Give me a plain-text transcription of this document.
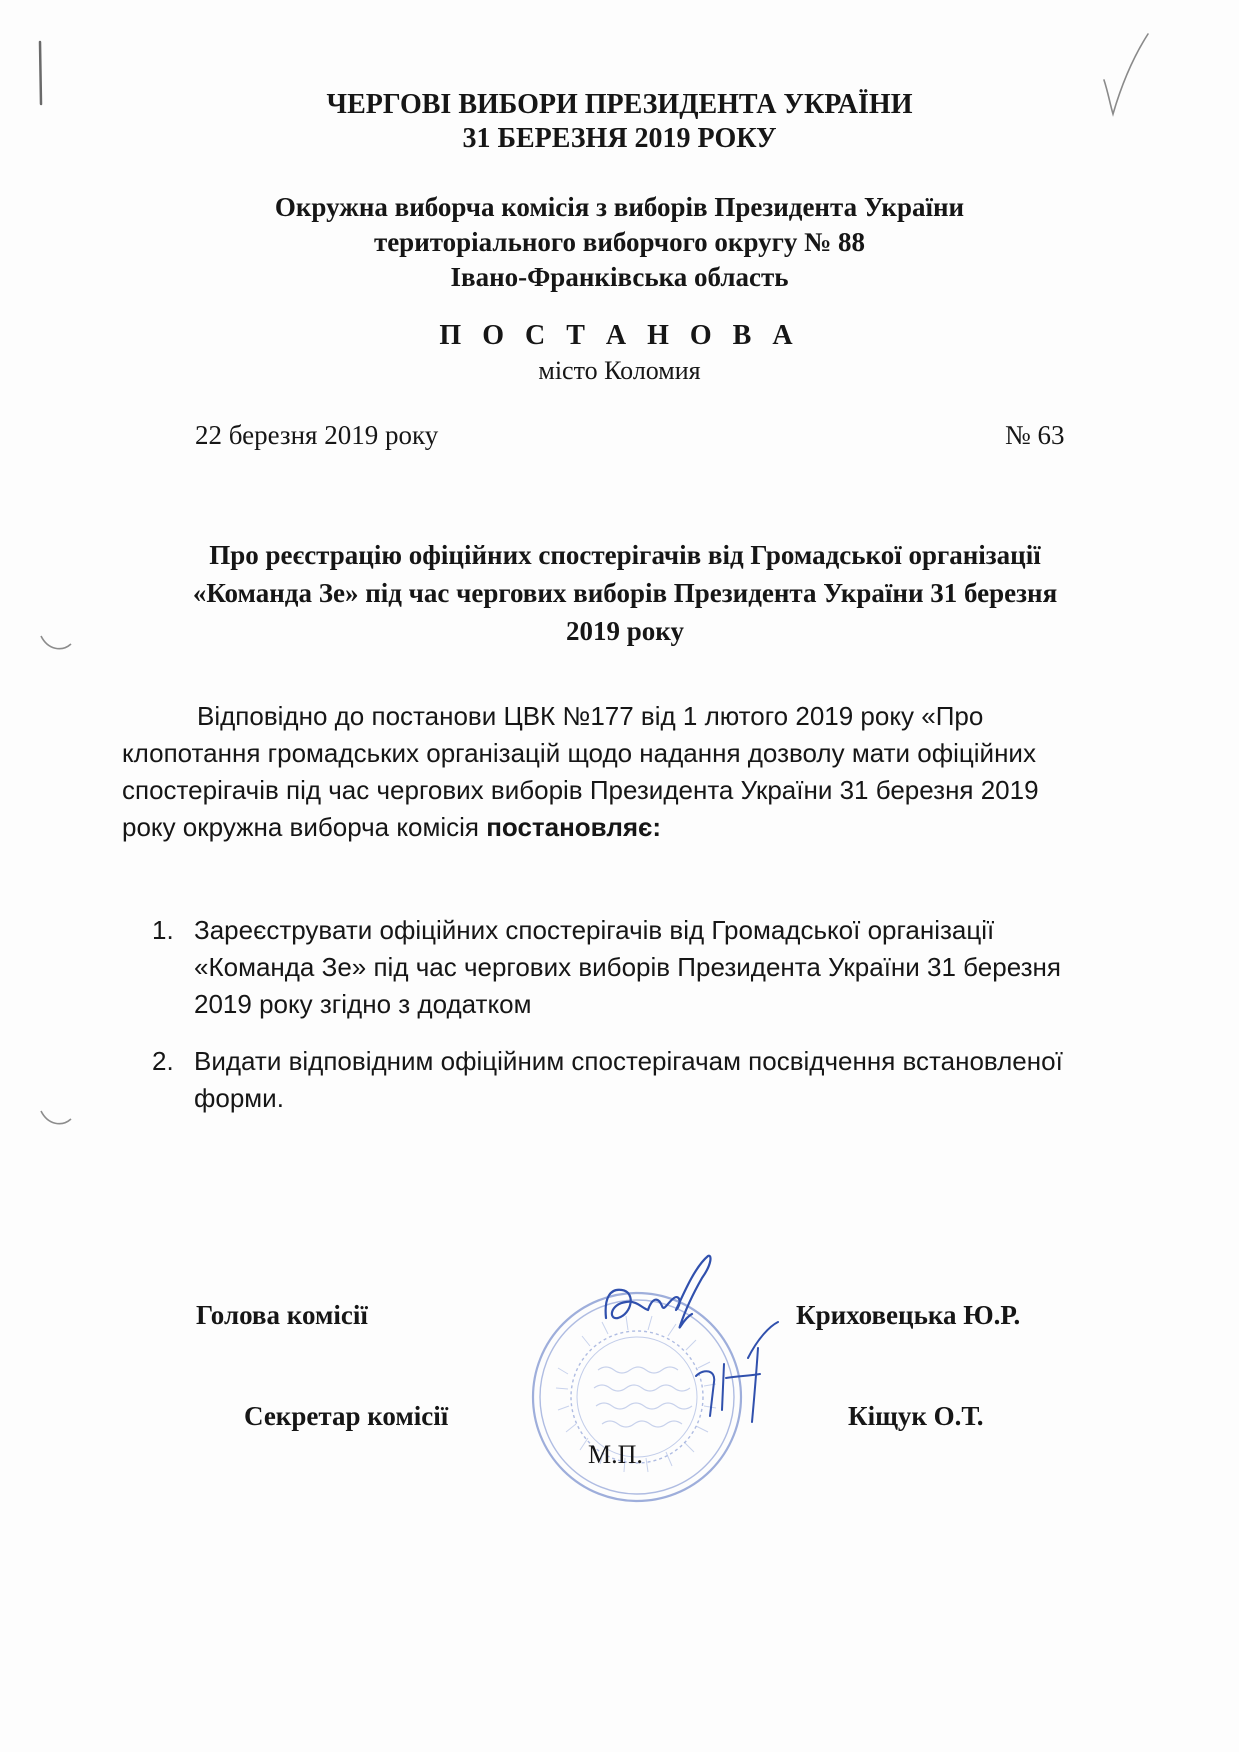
ЧЕРГОВІ ВИБОРИ ПРЕЗИДЕНТА УКРАЇНИ
31 БЕРЕЗНЯ 2019 РОКУ
Окружна виборча комісія з виборів Президента України
територіального виборчого округу № 88
Івано-Франківська область
П О С Т А Н О В А
місто Коломия
22 березня 2019 року	№ 63
Про реєстрацію офіційних спостерігачів від Громадської організації
«Команда Зе» під час чергових виборів Президента України 31 березня
2019 року
Відповідно до постанови ЦВК №177 від 1 лютого 2019 року «Про
клопотання громадських організацій щодо надання дозволу мати офіційних
спостерігачів під час чергових виборів Президента України 31 березня 2019
року окружна виборча комісія постановляє:
1. Зареєструвати офіційних спостерігачів від Громадської організації
«Команда Зе» під час чергових виборів Президента України 31 березня
2019 року згідно з додатком
2. Видати відповідним офіційним спостерігачам посвідчення встановленої
форми.
Голова комісії	Криховецька Ю.Р.
Секретар комісії	Кіщук О.Т.
М.П.
